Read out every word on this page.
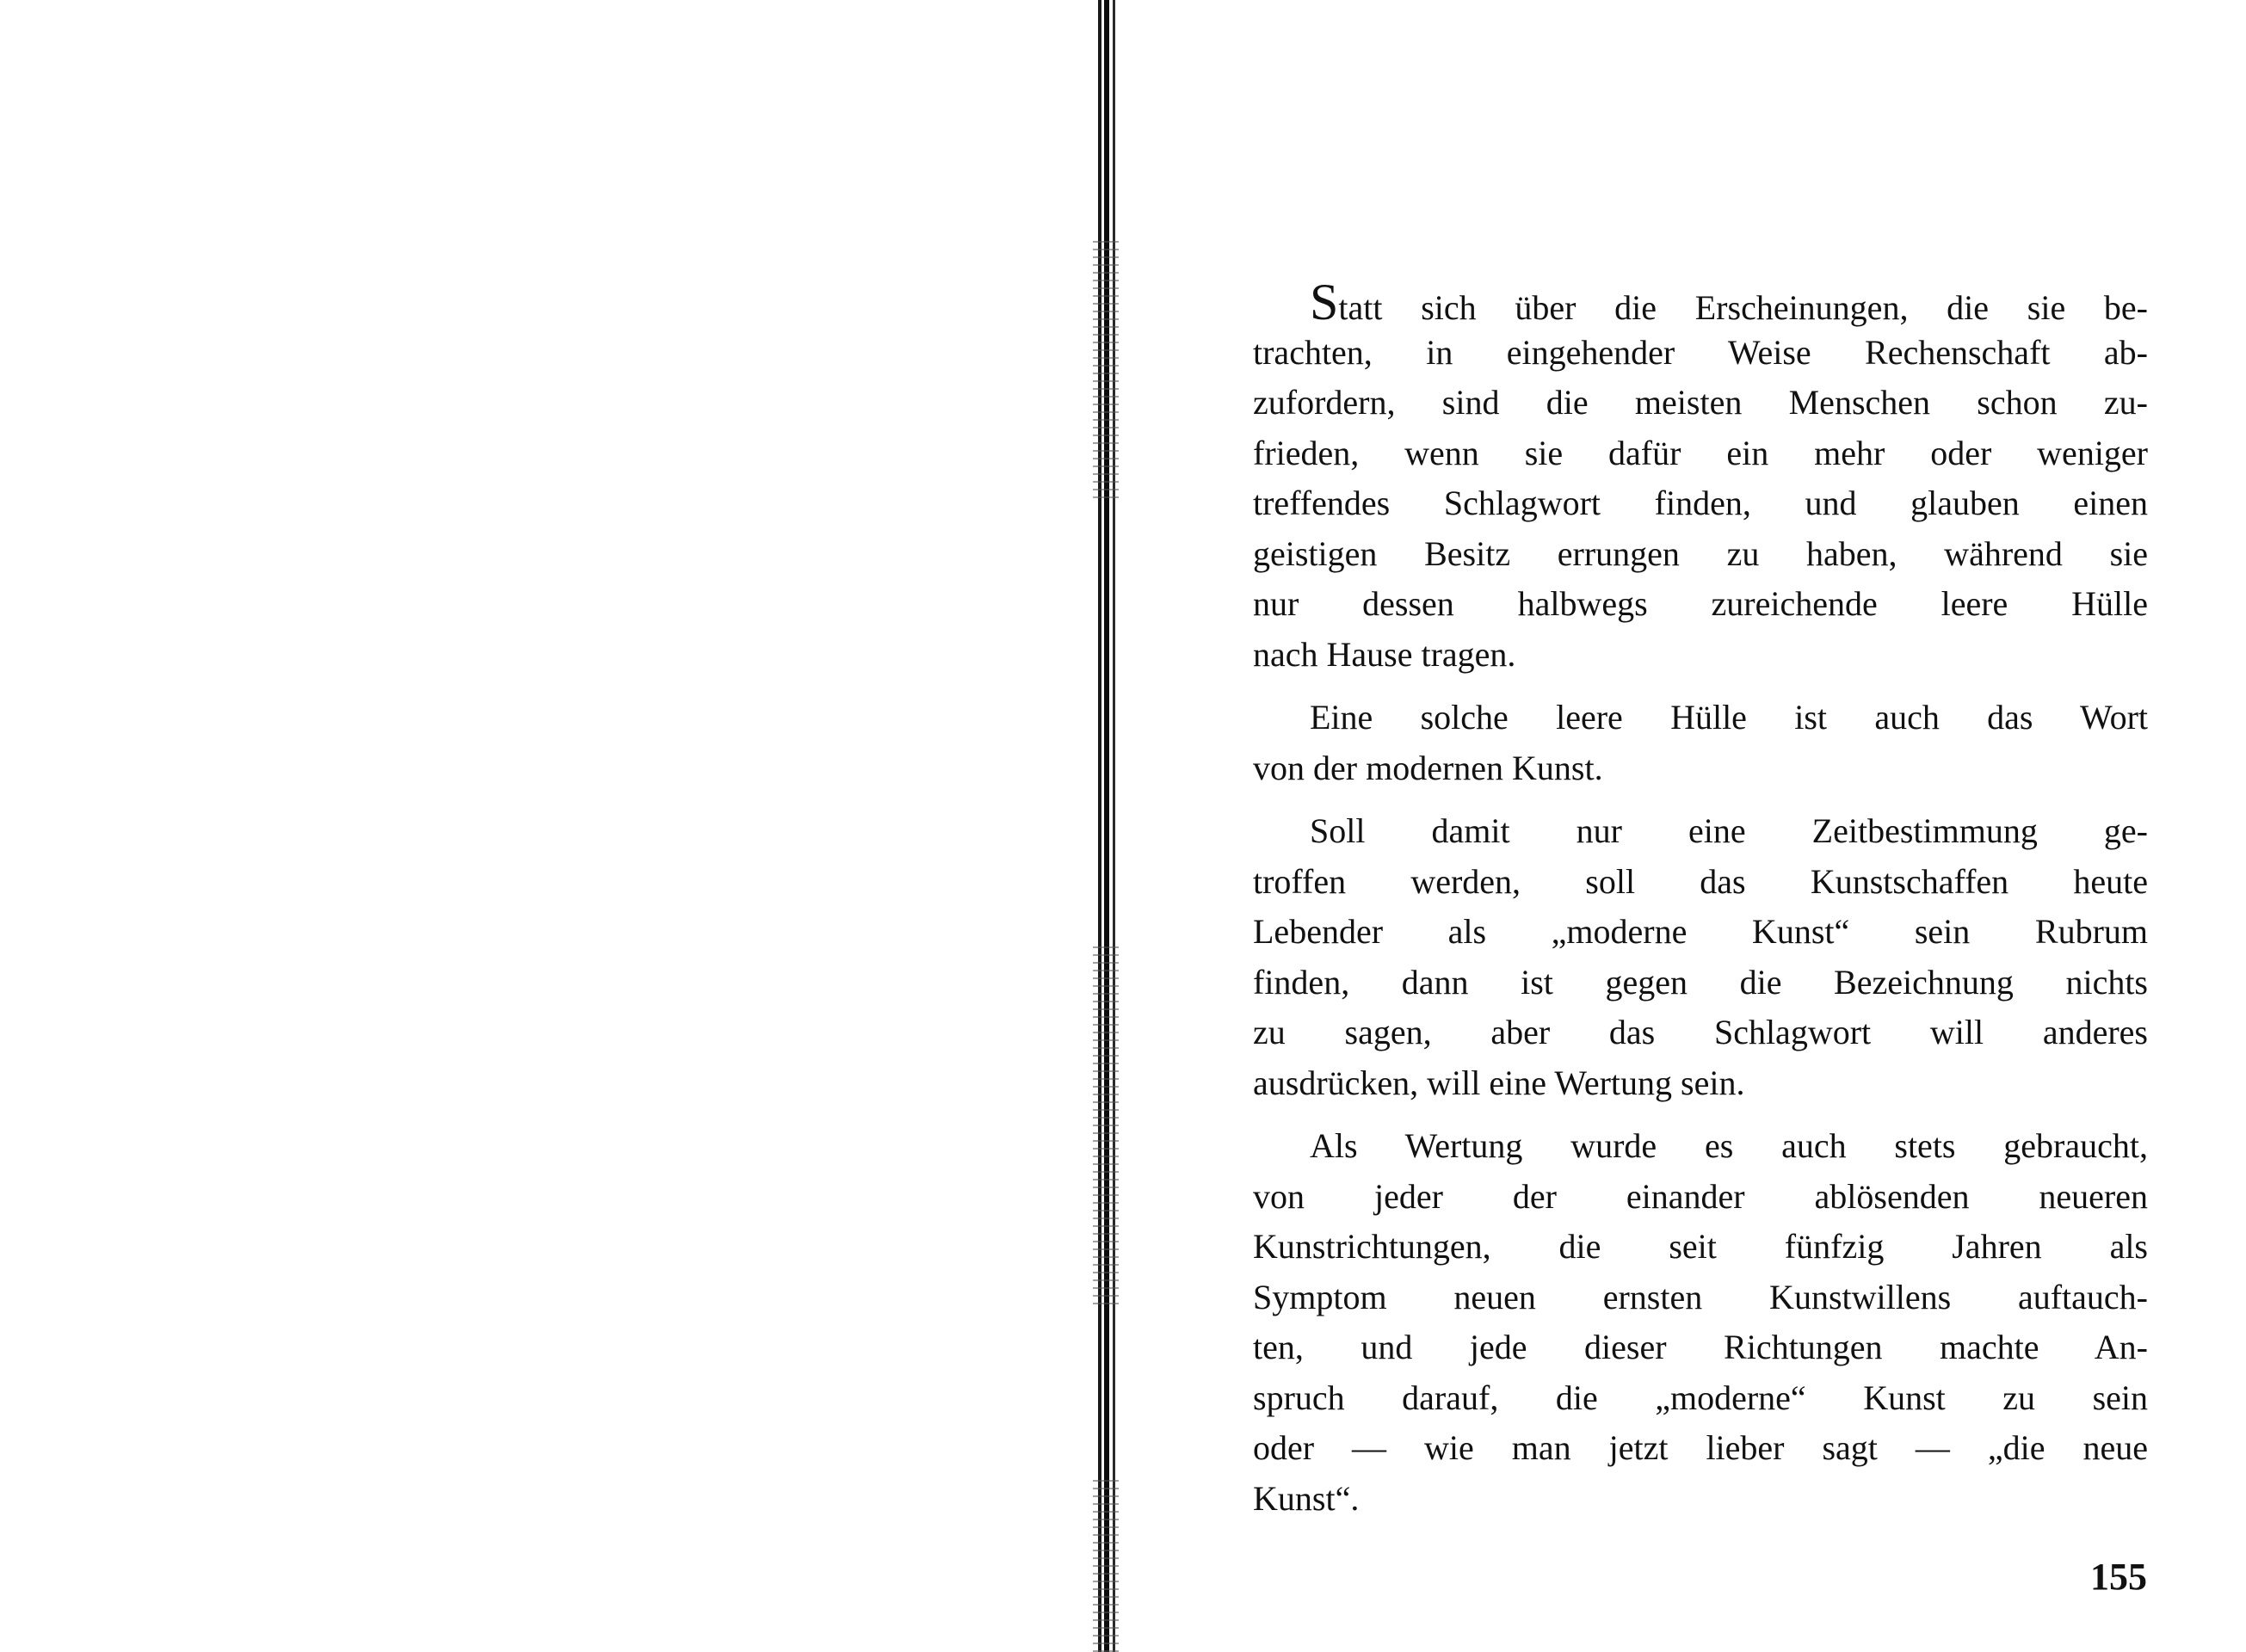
Statt sich über die Erscheinungen, die sie be-
trachten, in eingehender Weise Rechenschaft ab-
zufordern, sind die meisten Menschen schon zu-
frieden, wenn sie dafür ein mehr oder weniger
treffendes Schlagwort finden, und glauben einen
geistigen Besitz errungen zu haben, während sie
nur dessen halbwegs zureichende leere Hülle
nach Hause tragen.
Eine solche leere Hülle ist auch das Wort
von der modernen Kunst.
Soll damit nur eine Zeitbestimmung ge-
troffen werden, soll das Kunstschaffen heute
Lebender als „moderne Kunst“ sein Rubrum
finden, dann ist gegen die Bezeichnung nichts
zu sagen, aber das Schlagwort will anderes
ausdrücken, will eine Wertung sein.
Als Wertung wurde es auch stets gebraucht,
von jeder der einander ablösenden neueren
Kunstrichtungen, die seit fünfzig Jahren als
Symptom neuen ernsten Kunstwillens auftauch-
ten, und jede dieser Richtungen machte An-
spruch darauf, die „moderne“ Kunst zu sein
oder — wie man jetzt lieber sagt — „die neue
Kunst“.
155
